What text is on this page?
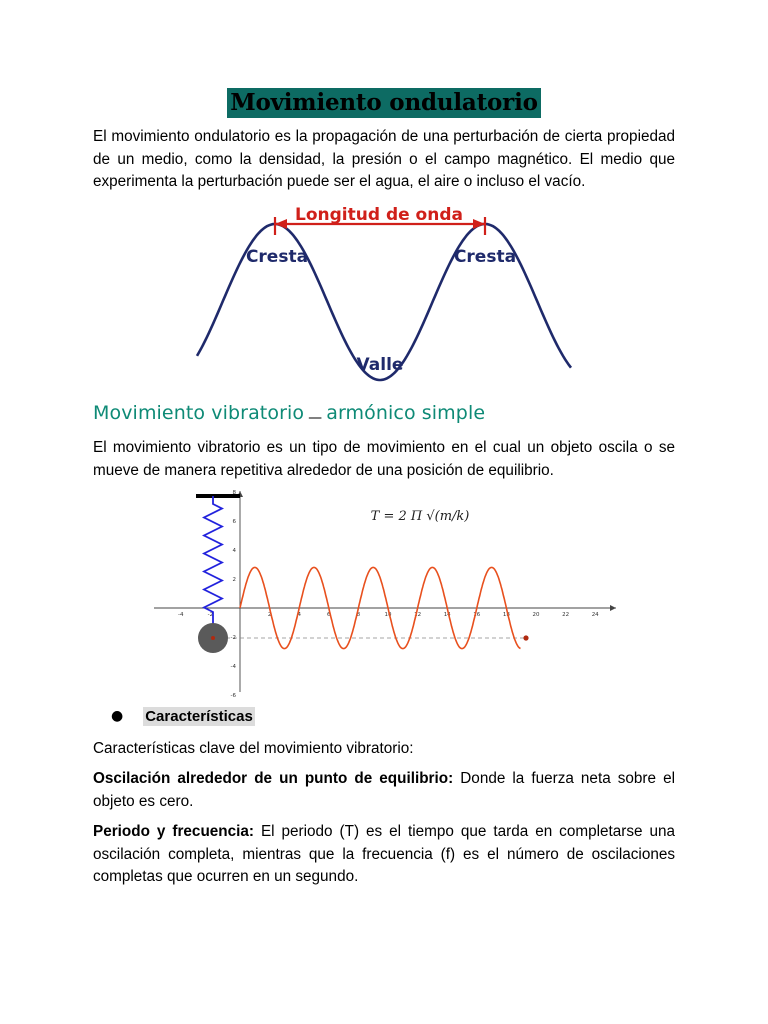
Movimiento ondulatorio
El movimiento ondulatorio es la propagación de una perturbación de cierta propiedad de un medio, como la densidad, la presión o el campo magnético. El medio que experimenta la perturbación puede ser el agua, el aire o incluso el vacío.
Longitud de onda
Cresta	Cresta
Valle
Movimiento vibratorio — armónico simple
El movimiento vibratorio es un tipo de movimiento en el cual un objeto oscila o se mueve de manera repetitiva alrededor de una posición de equilibrio.
-4	-2	2	4	6	8	10	12	14	16	18	20	22	24
8
6
4
2
-2
-4
-6
T = 2 Π √(m/k)
● Características
Características clave del movimiento vibratorio:
Oscilación alrededor de un punto de equilibrio: Donde la fuerza neta sobre el objeto es cero.
Periodo y frecuencia: El periodo (T) es el tiempo que tarda en completarse una oscilación completa, mientras que la frecuencia (f) es el número de oscilaciones completas que ocurren en un segundo.
